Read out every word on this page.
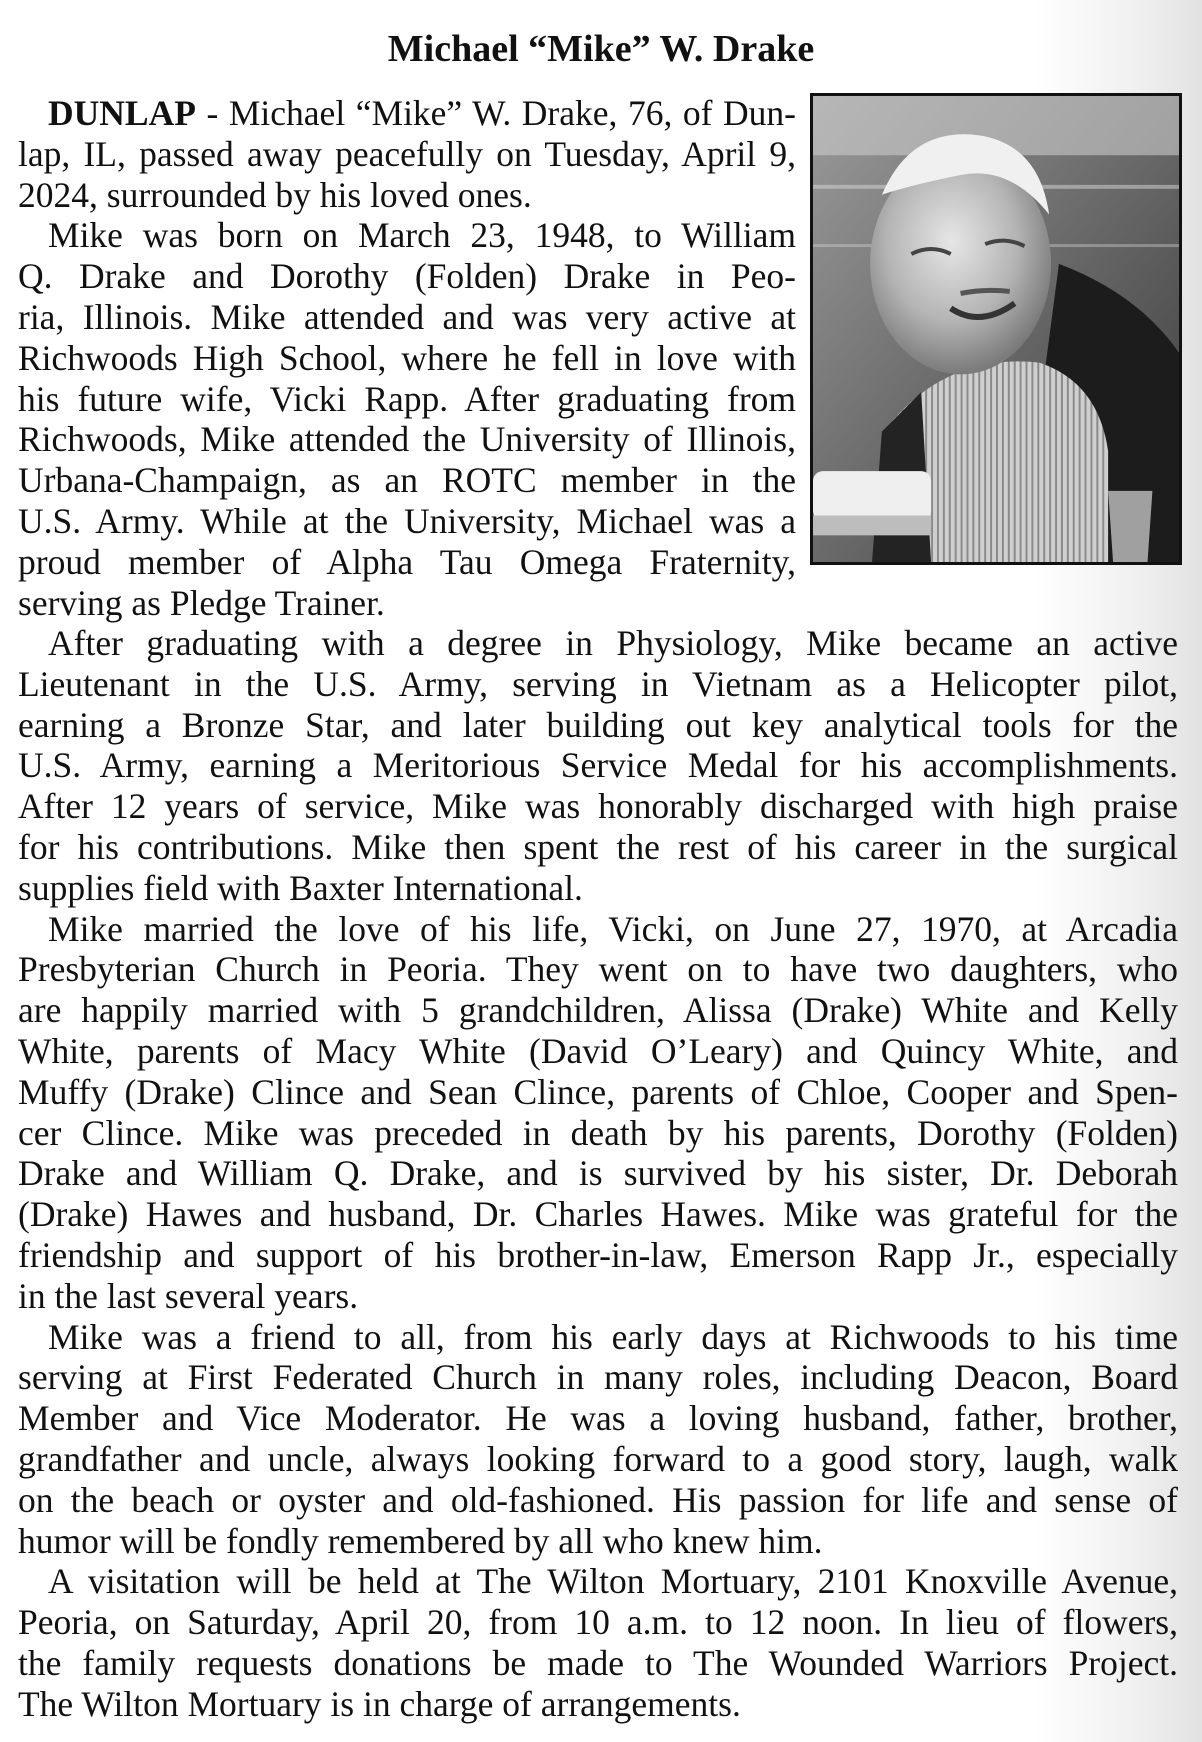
Michael “Mike” W. Drake
DUNLAP - Michael “Mike” W. Drake, 76, of Dun-
lap, IL, passed away peacefully on Tuesday, April 9,
2024, surrounded by his loved ones.
Mike was born on March 23, 1948, to William
Q. Drake and Dorothy (Folden) Drake in Peo-
ria, Illinois. Mike attended and was very active at
Richwoods High School, where he fell in love with
his future wife, Vicki Rapp. After graduating from
Richwoods, Mike attended the University of Illinois,
Urbana-Champaign, as an ROTC member in the
U.S. Army. While at the University, Michael was a
proud member of Alpha Tau Omega Fraternity,
serving as Pledge Trainer.
After graduating with a degree in Physiology, Mike became an active
Lieutenant in the U.S. Army, serving in Vietnam as a Helicopter pilot,
earning a Bronze Star, and later building out key analytical tools for the
U.S. Army, earning a Meritorious Service Medal for his accomplishments.
After 12 years of service, Mike was honorably discharged with high praise
for his contributions. Mike then spent the rest of his career in the surgical
supplies field with Baxter International.
Mike married the love of his life, Vicki, on June 27, 1970, at Arcadia
Presbyterian Church in Peoria. They went on to have two daughters, who
are happily married with 5 grandchildren, Alissa (Drake) White and Kelly
White, parents of Macy White (David O’Leary) and Quincy White, and
Muffy (Drake) Clince and Sean Clince, parents of Chloe, Cooper and Spen-
cer Clince. Mike was preceded in death by his parents, Dorothy (Folden)
Drake and William Q. Drake, and is survived by his sister, Dr. Deborah
(Drake) Hawes and husband, Dr. Charles Hawes. Mike was grateful for the
friendship and support of his brother-in-law, Emerson Rapp Jr., especially
in the last several years.
Mike was a friend to all, from his early days at Richwoods to his time
serving at First Federated Church in many roles, including Deacon, Board
Member and Vice Moderator. He was a loving husband, father, brother,
grandfather and uncle, always looking forward to a good story, laugh, walk
on the beach or oyster and old-fashioned. His passion for life and sense of
humor will be fondly remembered by all who knew him.
A visitation will be held at The Wilton Mortuary, 2101 Knoxville Avenue,
Peoria, on Saturday, April 20, from 10 a.m. to 12 noon. In lieu of flowers,
the family requests donations be made to The Wounded Warriors Project.
The Wilton Mortuary is in charge of arrangements.
